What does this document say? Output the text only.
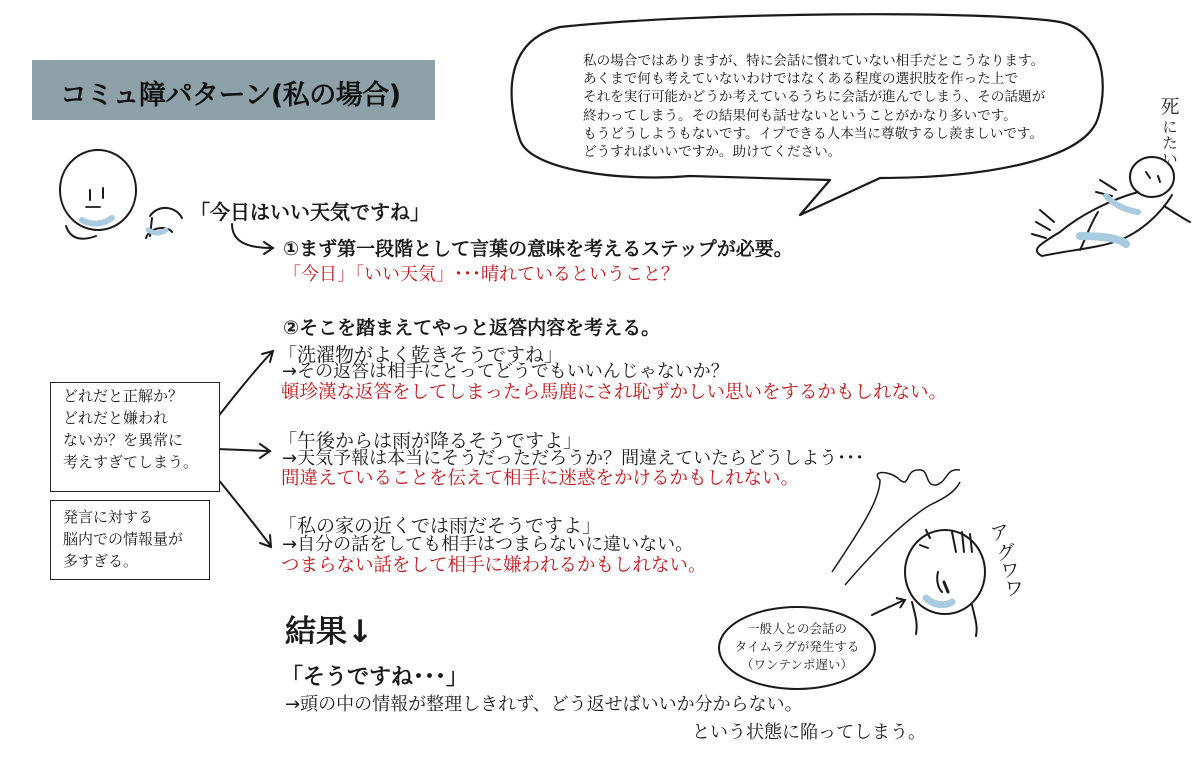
コミュ障パターン(私の場合)
私の場合ではありますが、特に会話に慣れていない相手だとこうなります。
あくまで何も考えていないわけではなくある程度の選択肢を作った上で
それを実行可能かどうか考えているうちに会話が進んでしまう、その話題が
終わってしまう。その結果何も話せないということがかなり多いです。
もうどうしようもないです。イプできる人本当に尊敬するし羨ましいです。
どうすればいいですか。助けてください。
死
に
た
い
「今日はいい天気ですね」
①まず第一段階として言葉の意味を考えるステップが必要。
「今日」「いい天気」･･･晴れているということ？
②そこを踏まえてやっと返答内容を考える。
「洗濯物がよく乾きそうですね」
→その返答は相手にとってどうでもいいんじゃないか？
頓珍漢な返答をしてしまったら馬鹿にされ恥ずかしい思いをするかもしれない。
「午後からは雨が降るそうですよ」
→天気予報は本当にそうだっただろうか？間違えていたらどうしよう･･･
間違えていることを伝えて相手に迷惑をかけるかもしれない。
「私の家の近くでは雨だそうですよ」
→自分の話をしても相手はつまらないに違いない。
つまらない話をして相手に嫌われるかもしれない。
どれだと正解か？
どれだと嫌われ
ないか？を異常に
考えすぎてしまう。
発言に対する
脳内での情報量が
多すぎる。
結果↓
「そうですね･･･」
→頭の中の情報が整理しきれず、どう返せばいいか分からない。
という状態に陥ってしまう。
ア
グ
ワ
ワ
一般人との会話の
タイムラグが発生する
（ワンテンポ遅い）
